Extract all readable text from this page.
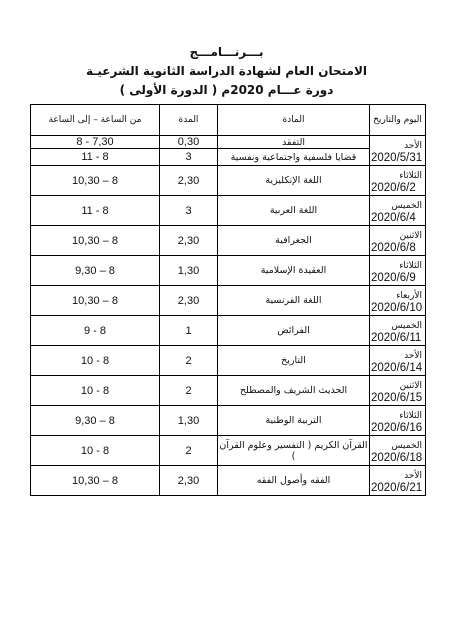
بـــرنـــامـــج
الامتحان العام لشهادة الدراسة الثانوية الشرعيـة
دورة عـــام 2020م ( الدورة الأولى )
اليوم والتاريخ	المادة	المدة	من الساعة – إلى الساعة

الأحد
2020/5/31	التفقد	0,30	7,30 - 8
	قضايا فلسفية واجتماعية ونفسية	3	8 - 11

الثلاثاء
2020/6/2	اللغة الإنكليزية	2,30	8 – 10,30

الخميس
2020/6/4	اللغة العربية	3	8 - 11

الاثنين
2020/6/8	الجغرافية	2,30	8 – 10,30

الثلاثاء
2020/6/9	العقيدة الإسلامية	1,30	8 – 9,30

الأربعاء
2020/6/10	اللغة الفرنسية	2,30	8 – 10,30

الخميس
2020/6/11	الفرائض	1	8 - 9

الأحد
2020/6/14	التاريخ	2	8 - 10

الاثنين
2020/6/15	الحديث الشريف والمصطلح	2	8 - 10

الثلاثاء
2020/6/16	التربية الوطنية	1,30	8 – 9,30

الخميس
2020/6/18	القرآن الكريم ( التفسير وعلوم القرآن )	2	8 - 10

الأحد
2020/6/21	الفقه وأصول الفقه	2,30	8 – 10,30
